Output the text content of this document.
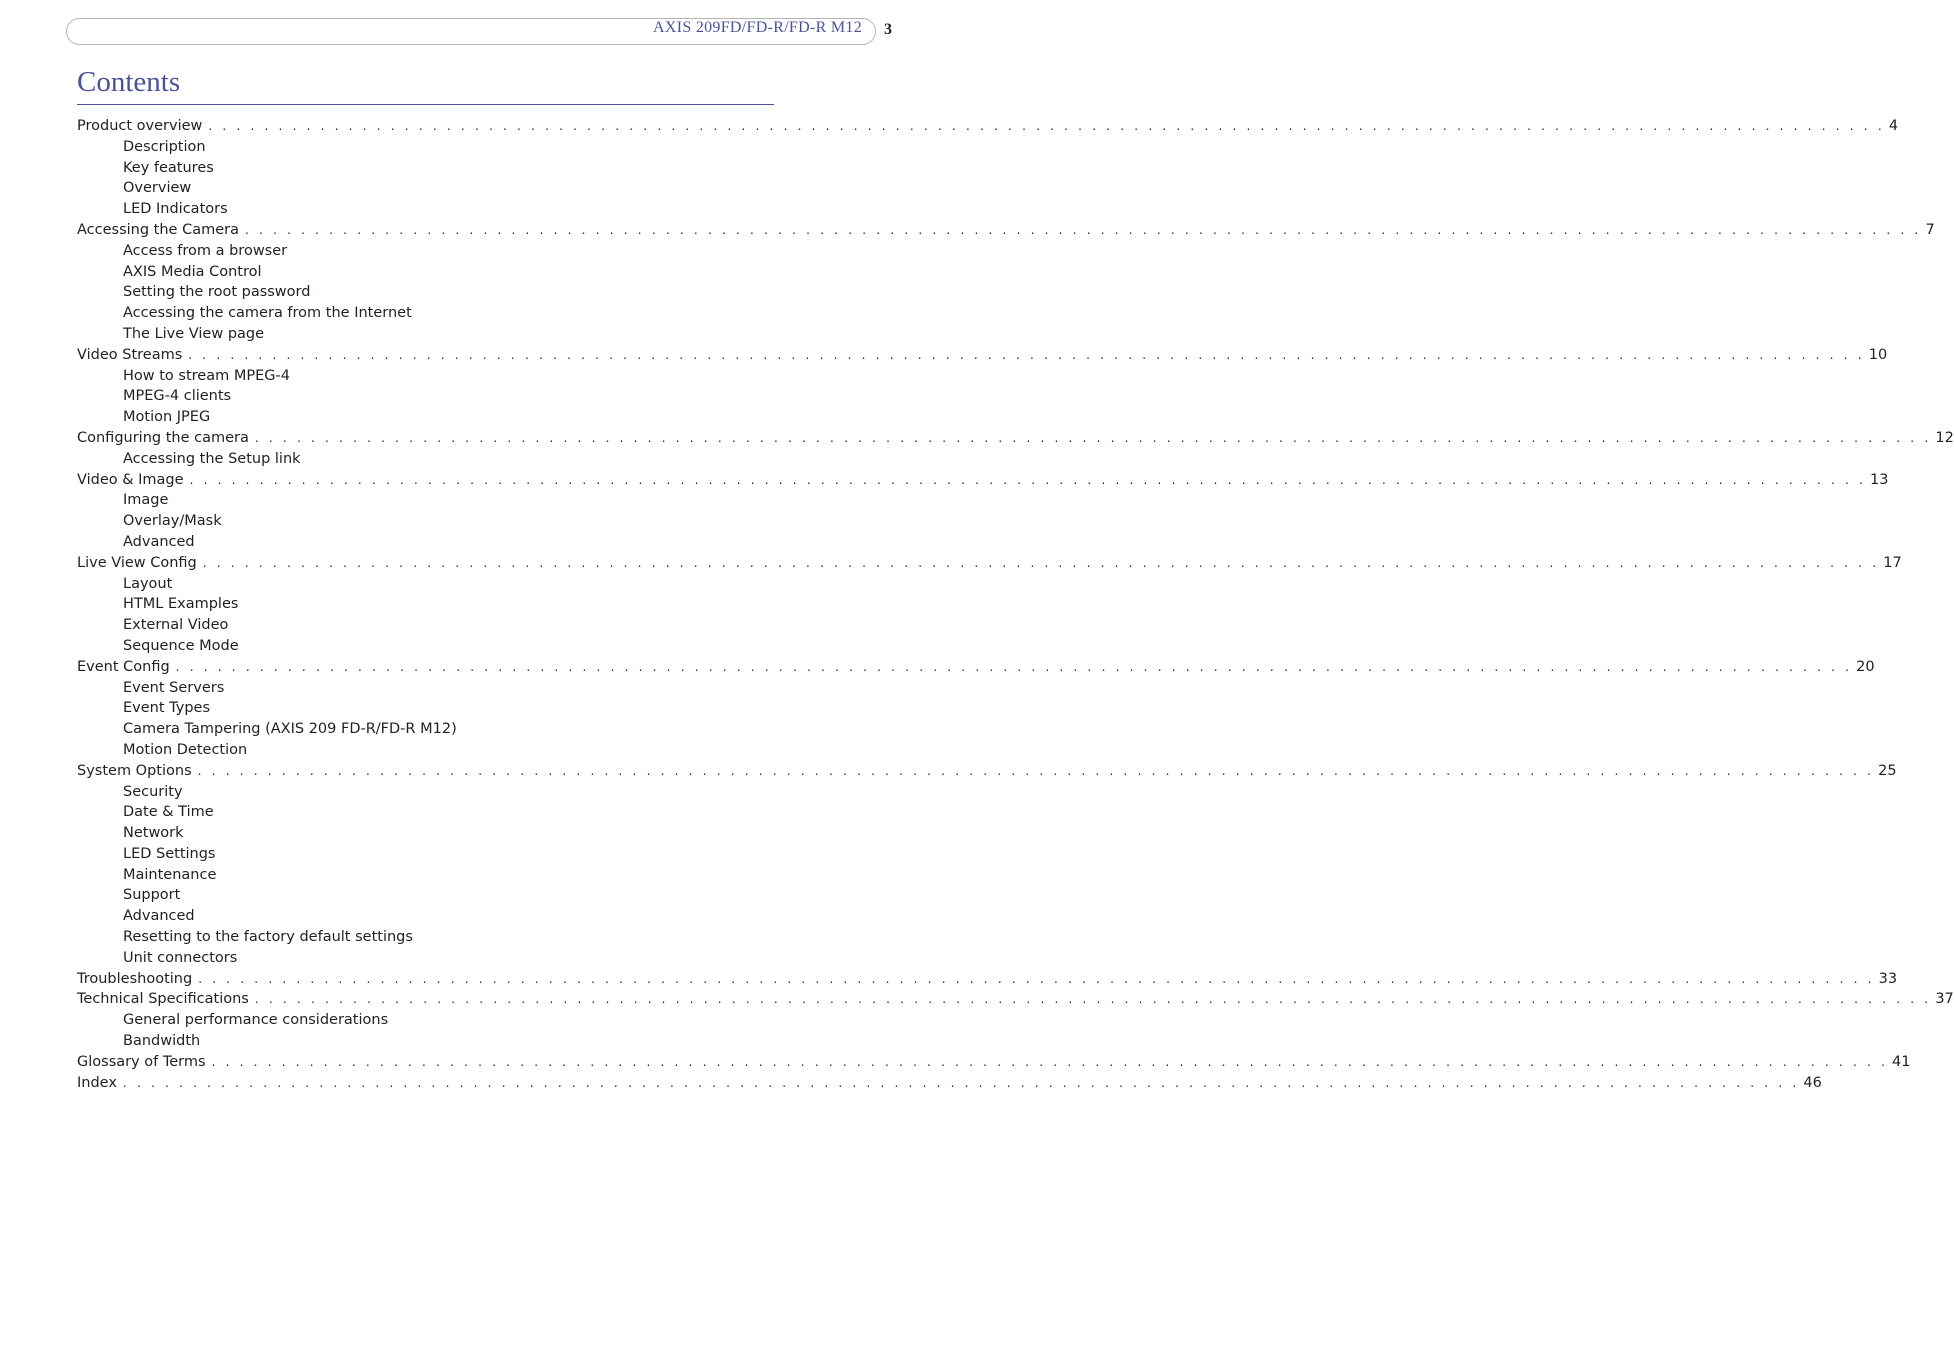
AXIS 209FD/FD-R/FD-R M12 3
Contents
Product overview . . . . . . . . . . . . . . . . . . . . . . . . . . . . . . . . . . . . . . . . . . . . . . . . . . . . . . . . . . . . . . . . . . . . . . . . . . . . . . . . . . . . . . . . . . . . . . . . . . . . . . . . . . . . . . . . . . . . . . . . 4
Description
Key features
Overview
LED Indicators
Accessing the Camera . . . . . . . . . . . . . . . . . . . . . . . . . . . . . . . . . . . . . . . . . . . . . . . . . . . . . . . . . . . . . . . . . . . . . . . . . . . . . . . . . . . . . . . . . . . . . . . . . . . . . . . . . . . . . . . . . . . . . . . . 7
Access from a browser
AXIS Media Control
Setting the root password
Accessing the camera from the Internet
The Live View page
Video Streams . . . . . . . . . . . . . . . . . . . . . . . . . . . . . . . . . . . . . . . . . . . . . . . . . . . . . . . . . . . . . . . . . . . . . . . . . . . . . . . . . . . . . . . . . . . . . . . . . . . . . . . . . . . . . . . . . . . . . . . . 10
How to stream MPEG-4
MPEG-4 clients
Motion JPEG
Configuring the camera . . . . . . . . . . . . . . . . . . . . . . . . . . . . . . . . . . . . . . . . . . . . . . . . . . . . . . . . . . . . . . . . . . . . . . . . . . . . . . . . . . . . . . . . . . . . . . . . . . . . . . . . . . . . . . . . . . . . . . . . 12
Accessing the Setup link
Video & Image . . . . . . . . . . . . . . . . . . . . . . . . . . . . . . . . . . . . . . . . . . . . . . . . . . . . . . . . . . . . . . . . . . . . . . . . . . . . . . . . . . . . . . . . . . . . . . . . . . . . . . . . . . . . . . . . . . . . . . . . 13
Image
Overlay/Mask
Advanced
Live View Config . . . . . . . . . . . . . . . . . . . . . . . . . . . . . . . . . . . . . . . . . . . . . . . . . . . . . . . . . . . . . . . . . . . . . . . . . . . . . . . . . . . . . . . . . . . . . . . . . . . . . . . . . . . . . . . . . . . . . . . . 17
Layout
HTML Examples
External Video
Sequence Mode
Event Config . . . . . . . . . . . . . . . . . . . . . . . . . . . . . . . . . . . . . . . . . . . . . . . . . . . . . . . . . . . . . . . . . . . . . . . . . . . . . . . . . . . . . . . . . . . . . . . . . . . . . . . . . . . . . . . . . . . . . . . . 20
Event Servers
Event Types
Camera Tampering (AXIS 209 FD-R/FD-R M12)
Motion Detection
System Options . . . . . . . . . . . . . . . . . . . . . . . . . . . . . . . . . . . . . . . . . . . . . . . . . . . . . . . . . . . . . . . . . . . . . . . . . . . . . . . . . . . . . . . . . . . . . . . . . . . . . . . . . . . . . . . . . . . . . . . . 25
Security
Date & Time
Network
LED Settings
Maintenance
Support
Advanced
Resetting to the factory default settings
Unit connectors
Troubleshooting . . . . . . . . . . . . . . . . . . . . . . . . . . . . . . . . . . . . . . . . . . . . . . . . . . . . . . . . . . . . . . . . . . . . . . . . . . . . . . . . . . . . . . . . . . . . . . . . . . . . . . . . . . . . . . . . . . . . . . . . 33
Technical Specifications . . . . . . . . . . . . . . . . . . . . . . . . . . . . . . . . . . . . . . . . . . . . . . . . . . . . . . . . . . . . . . . . . . . . . . . . . . . . . . . . . . . . . . . . . . . . . . . . . . . . . . . . . . . . . . . . . . . . . . . . 37
General performance considerations
Bandwidth
Glossary of Terms . . . . . . . . . . . . . . . . . . . . . . . . . . . . . . . . . . . . . . . . . . . . . . . . . . . . . . . . . . . . . . . . . . . . . . . . . . . . . . . . . . . . . . . . . . . . . . . . . . . . . . . . . . . . . . . . . . . . . . . . 41
Index . . . . . . . . . . . . . . . . . . . . . . . . . . . . . . . . . . . . . . . . . . . . . . . . . . . . . . . . . . . . . . . . . . . . . . . . . . . . . . . . . . . . . . . . . . . . . . . . . . . . . . . . . . . . . . . . . . . . . . . . 46
